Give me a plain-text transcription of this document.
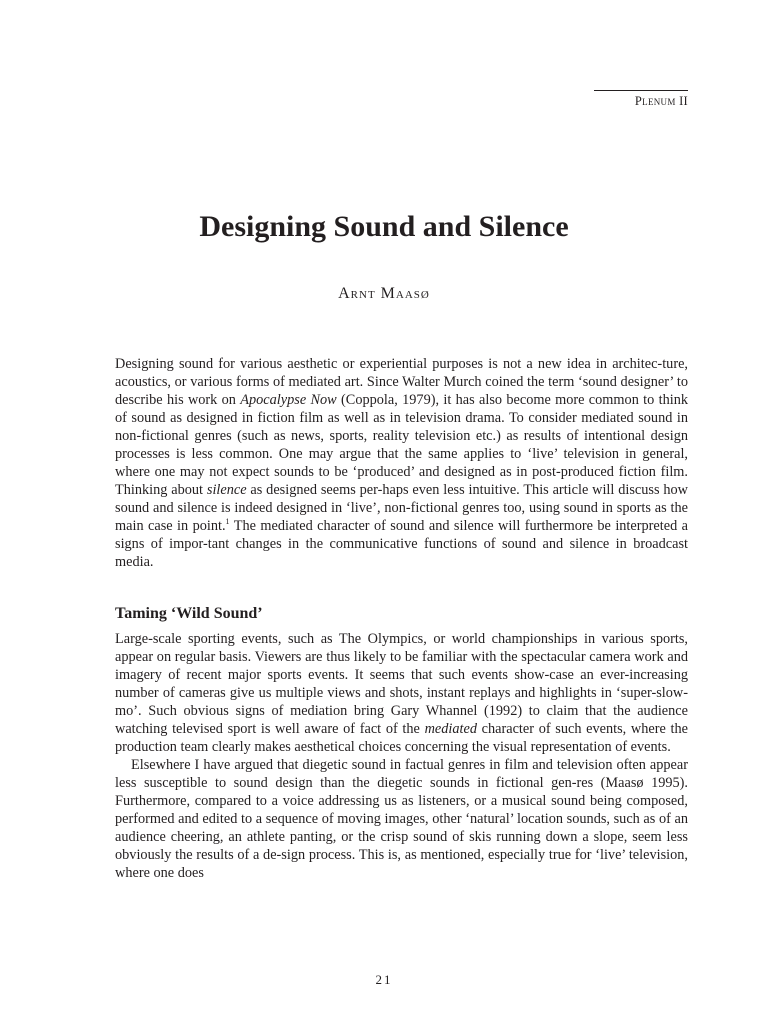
Plenum II
Designing Sound and Silence
Arnt Maasø

Designing sound for various aesthetic or experiential purposes is not a new idea in architec-ture, acoustics, or various forms of mediated art. Since Walter Murch coined the term ‘sound designer’ to describe his work on Apocalypse Now (Coppola, 1979), it has also become more common to think of sound as designed in fiction film as well as in television drama. To consider mediated sound in non-fictional genres (such as news, sports, reality television etc.) as results of intentional design processes is less common. One may argue that the same applies to ‘live’ television in general, where one may not expect sounds to be ‘produced’ and designed as in post-produced fiction film. Thinking about silence as designed seems per-haps even less intuitive. This article will discuss how sound and silence is indeed designed in ‘live’, non-fictional genres too, using sound in sports as the main case in point.$^1$ The mediated character of sound and silence will furthermore be interpreted a signs of impor-tant changes in the communicative functions of sound and silence in broadcast media.

Taming ‘Wild Sound’

Large-scale sporting events, such as The Olympics, or world championships in various sports, appear on regular basis. Viewers are thus likely to be familiar with the spectacular camera work and imagery of recent major sports events. It seems that such events show-case an ever-increasing number of cameras give us multiple views and shots, instant replays and highlights in ‘super-slow-mo’. Such obvious signs of mediation bring Gary Whannel (1992) to claim that the audience watching televised sport is well aware of fact of the mediated character of such events, where the production team clearly makes aesthetical choices concerning the visual representation of events.

Elsewhere I have argued that diegetic sound in factual genres in film and television often appear less susceptible to sound design than the diegetic sounds in fictional gen-res (Maasø 1995). Furthermore, compared to a voice addressing us as listeners, or a musical sound being composed, performed and edited to a sequence of moving images, other ‘natural’ location sounds, such as of an audience cheering, an athlete panting, or the crisp sound of skis running down a slope, seem less obviously the results of a de-sign process. This is, as mentioned, especially true for ‘live’ television, where one does

21
